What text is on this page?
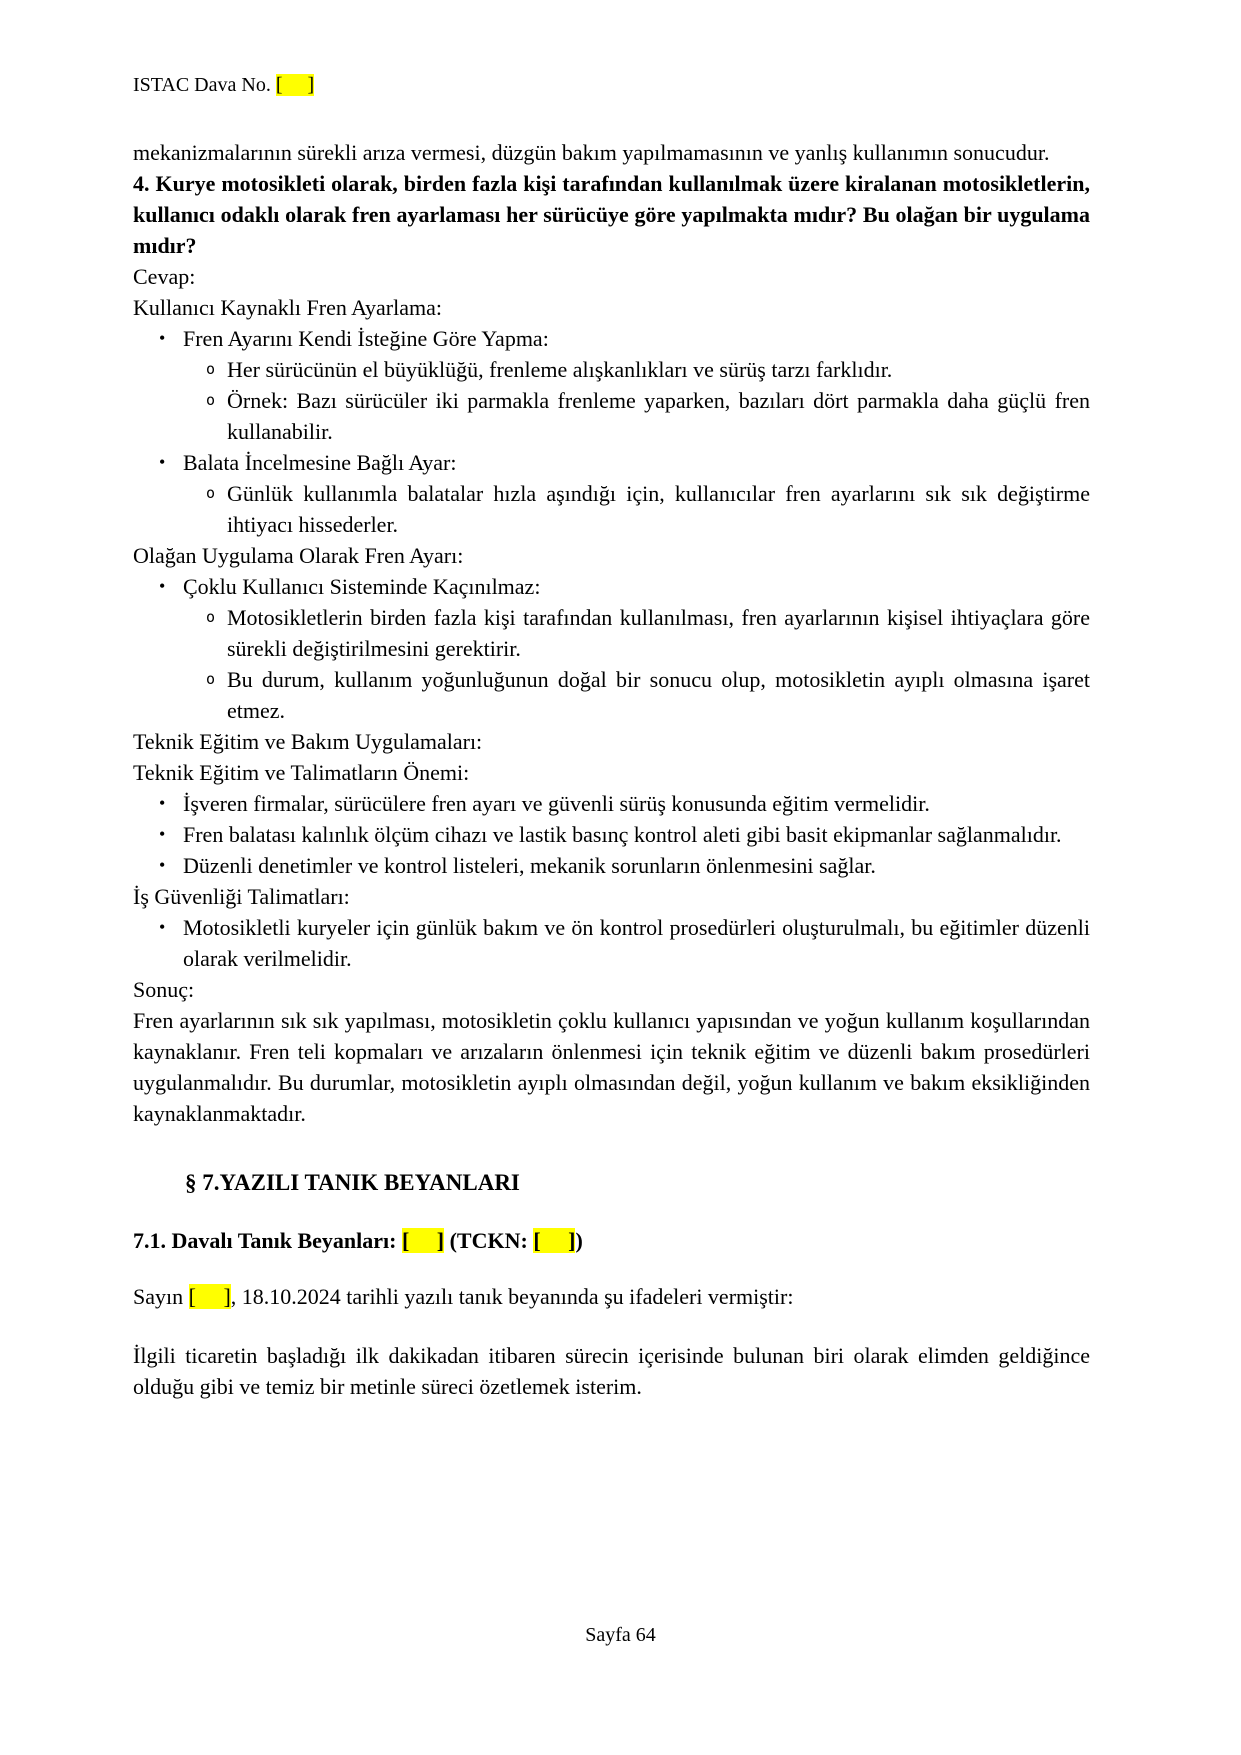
ISTAC Dava No. [     ]

mekanizmalarının sürekli arıza vermesi, düzgün bakım yapılmamasının ve yanlış kullanımın sonucudur.

4. Kurye motosikleti olarak, birden fazla kişi tarafından kullanılmak üzere kiralanan motosikletlerin, kullanıcı odaklı olarak fren ayarlaması her sürücüye göre yapılmakta mıdır? Bu olağan bir uygulama mıdır?

Cevap:

Kullanıcı Kaynaklı Fren Ayarlama:

• Fren Ayarını Kendi İsteğine Göre Yapma:
o Her sürücünün el büyüklüğü, frenleme alışkanlıkları ve sürüş tarzı farklıdır.
o Örnek: Bazı sürücüler iki parmakla frenleme yaparken, bazıları dört parmakla daha güçlü fren kullanabilir.
• Balata İncelmesine Bağlı Ayar:
o Günlük kullanımla balatalar hızla aşındığı için, kullanıcılar fren ayarlarını sık sık değiştirme ihtiyacı hissederler.

Olağan Uygulama Olarak Fren Ayarı:

• Çoklu Kullanıcı Sisteminde Kaçınılmaz:
o Motosikletlerin birden fazla kişi tarafından kullanılması, fren ayarlarının kişisel ihtiyaçlara göre sürekli değiştirilmesini gerektirir.
o Bu durum, kullanım yoğunluğunun doğal bir sonucu olup, motosikletin ayıplı olmasına işaret etmez.

Teknik Eğitim ve Bakım Uygulamaları:

Teknik Eğitim ve Talimatların Önemi:

• İşveren firmalar, sürücülere fren ayarı ve güvenli sürüş konusunda eğitim vermelidir.
• Fren balatası kalınlık ölçüm cihazı ve lastik basınç kontrol aleti gibi basit ekipmanlar sağlanmalıdır.
• Düzenli denetimler ve kontrol listeleri, mekanik sorunların önlenmesini sağlar.

İş Güvenliği Talimatları:

• Motosikletli kuryeler için günlük bakım ve ön kontrol prosedürleri oluşturulmalı, bu eğitimler düzenli olarak verilmelidir.

Sonuç:

Fren ayarlarının sık sık yapılması, motosikletin çoklu kullanıcı yapısından ve yoğun kullanım koşullarından kaynaklanır. Fren teli kopmaları ve arızaların önlenmesi için teknik eğitim ve düzenli bakım prosedürleri uygulanmalıdır. Bu durumlar, motosikletin ayıplı olmasından değil, yoğun kullanım ve bakım eksikliğinden kaynaklanmaktadır.

§ 7.YAZILI TANIK BEYANLARI

7.1. Davalı Tanık Beyanları: [     ] (TCKN: [     ])

Sayın [     ], 18.10.2024 tarihli yazılı tanık beyanında şu ifadeleri vermiştir:

İlgili ticaretin başladığı ilk dakikadan itibaren sürecin içerisinde bulunan biri olarak elimden geldiğince olduğu gibi ve temiz bir metinle süreci özetlemek isterim.

Sayfa 64
